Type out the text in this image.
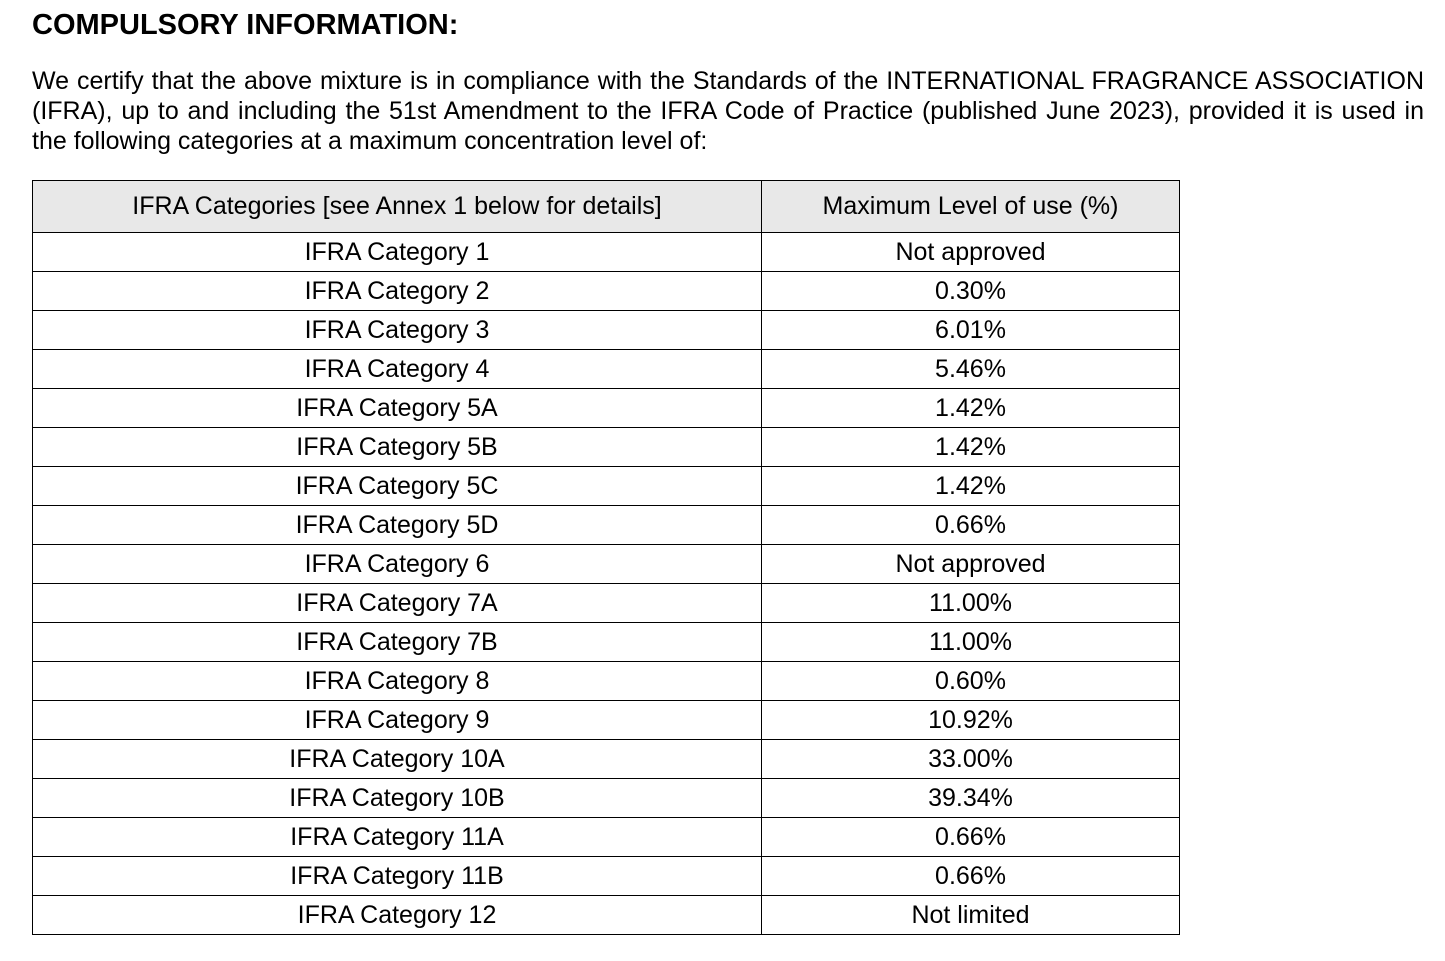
COMPULSORY INFORMATION:

We certify that the above mixture is in compliance with the Standards of the INTERNATIONAL FRAGRANCE ASSOCIATION (IFRA), up to and including the 51st Amendment to the IFRA Code of Practice (published June 2023), provided it is used in the following categories at a maximum concentration level of:

IFRA Categories [see Annex 1 below for details]	Maximum Level of use (%)
IFRA Category 1	Not approved
IFRA Category 2	0.30%
IFRA Category 3	6.01%
IFRA Category 4	5.46%
IFRA Category 5A	1.42%
IFRA Category 5B	1.42%
IFRA Category 5C	1.42%
IFRA Category 5D	0.66%
IFRA Category 6	Not approved
IFRA Category 7A	11.00%
IFRA Category 7B	11.00%
IFRA Category 8	0.60%
IFRA Category 9	10.92%
IFRA Category 10A	33.00%
IFRA Category 10B	39.34%
IFRA Category 11A	0.66%
IFRA Category 11B	0.66%
IFRA Category 12	Not limited
